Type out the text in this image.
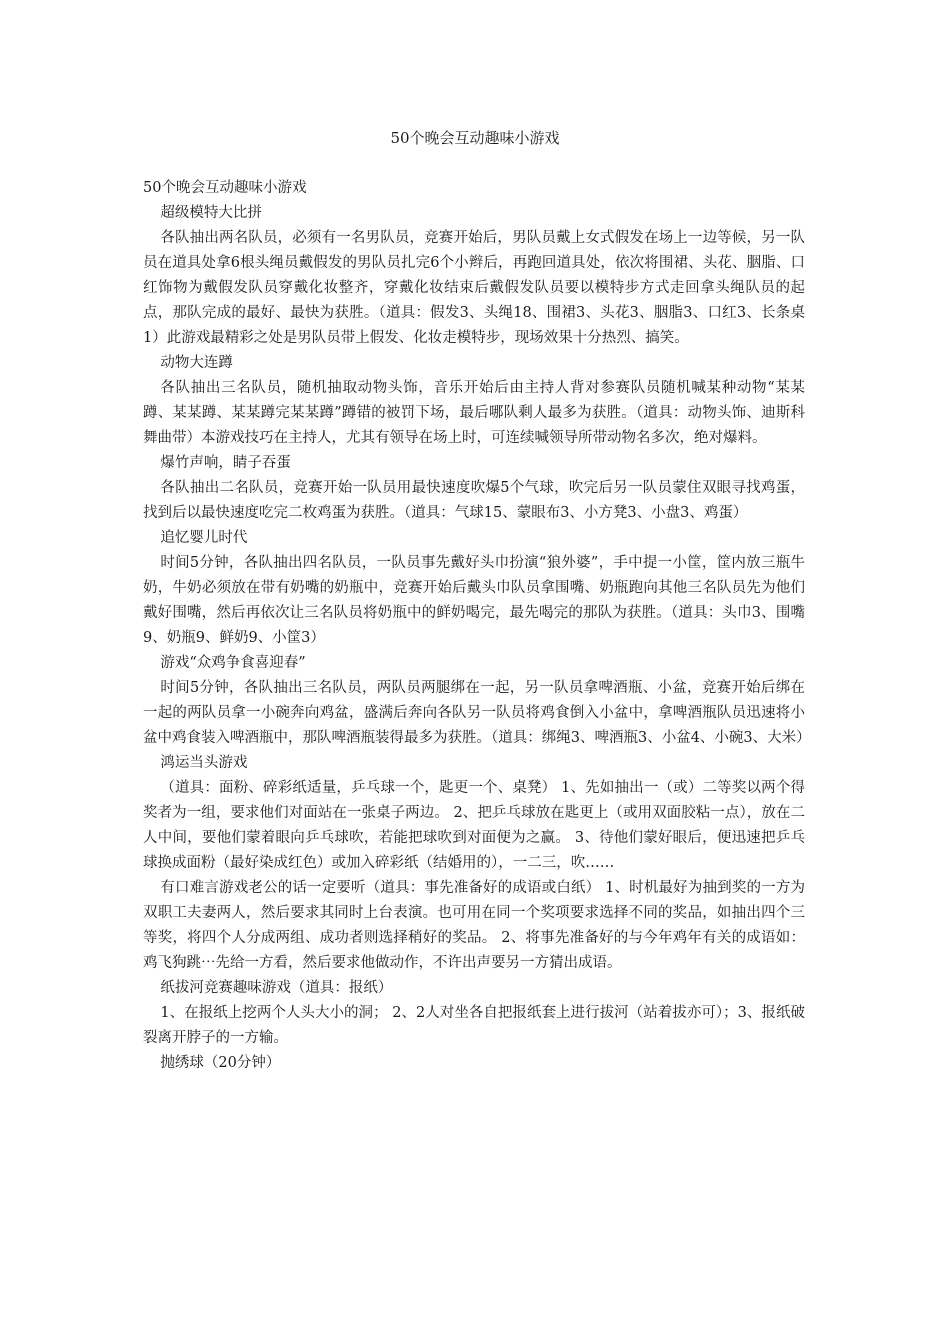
50个晚会互动趣味小游戏

50个晚会互动趣味小游戏

超级模特大比拼

各队抽出两名队员，必须有一名男队员，竞赛开始后，男队员戴上女式假发在场上一边等候，另一队员在道具处拿6根头绳员戴假发的男队员扎完6个小辫后，再跑回道具处，依次将围裙、头花、胭脂、口红饰物为戴假发队员穿戴化妆整齐，穿戴化妆结束后戴假发队员要以模特步方式走回拿头绳队员的起点，那队完成的最好、最快为获胜。（道具：假发3、头绳18、围裙3、头花3、胭脂3、口红3、长条桌1）此游戏最精彩之处是男队员带上假发、化妆走模特步，现场效果十分热烈、搞笑。

动物大连蹲

各队抽出三名队员，随机抽取动物头饰，音乐开始后由主持人背对参赛队员随机喊某种动物“某某蹲、某某蹲、某某蹲完某某蹲”蹲错的被罚下场，最后哪队剩人最多为获胜。（道具：动物头饰、迪斯科舞曲带）本游戏技巧在主持人，尤其有领导在场上时，可连续喊领导所带动物名多次，绝对爆料。

爆竹声响，睛子吞蛋

各队抽出二名队员，竞赛开始一队员用最快速度吹爆5个气球，吹完后另一队员蒙住双眼寻找鸡蛋，找到后以最快速度吃完二枚鸡蛋为获胜。（道具：气球15、蒙眼布3、小方凳3、小盘3、鸡蛋）

追忆婴儿时代

时间5分钟，各队抽出四名队员，一队员事先戴好头巾扮演“狼外婆”，手中提一小筐，筐内放三瓶牛奶，牛奶必须放在带有奶嘴的奶瓶中，竞赛开始后戴头巾队员拿围嘴、奶瓶跑向其他三名队员先为他们戴好围嘴，然后再依次让三名队员将奶瓶中的鲜奶喝完，最先喝完的那队为获胜。（道具：头巾3、围嘴9、奶瓶9、鲜奶9、小筐3）

游戏“众鸡争食喜迎春”

时间5分钟，各队抽出三名队员，两队员两腿绑在一起，另一队员拿啤酒瓶、小盆，竞赛开始后绑在一起的两队员拿一小碗奔向鸡盆，盛满后奔向各队另一队员将鸡食倒入小盆中，拿啤酒瓶队员迅速将小盆中鸡食装入啤酒瓶中，那队啤酒瓶装得最多为获胜。（道具：绑绳3、啤酒瓶3、小盆4、小碗3、大米）

鸿运当头游戏

（道具：面粉、碎彩纸适量，乒乓球一个，匙更一个、桌凳） 1、先如抽出一（或）二等奖以两个得奖者为一组，要求他们对面站在一张桌子两边。 2、把乒乓球放在匙更上（或用双面胶粘一点），放在二人中间，要他们蒙着眼向乒乓球吹，若能把球吹到对面便为之赢。 3、待他们蒙好眼后，便迅速把乒乓球换成面粉（最好染成红色）或加入碎彩纸（结婚用的），一二三，吹……

有口难言游戏老公的话一定要听（道具：事先准备好的成语或白纸） 1、时机最好为抽到奖的一方为双职工夫妻两人，然后要求其同时上台表演。也可用在同一个奖项要求选择不同的奖品，如抽出四个三等奖，将四个人分成两组、成功者则选择稍好的奖品。 2、将事先准备好的与今年鸡年有关的成语如：鸡飞狗跳⋯先给一方看，然后要求他做动作，不许出声要另一方猜出成语。

纸拔河竞赛趣味游戏（道具：报纸）

1、在报纸上挖两个人头大小的洞； 2、2人对坐各自把报纸套上进行拔河（站着拔亦可）；3、报纸破裂离开脖子的一方输。

抛绣球（20分钟）
